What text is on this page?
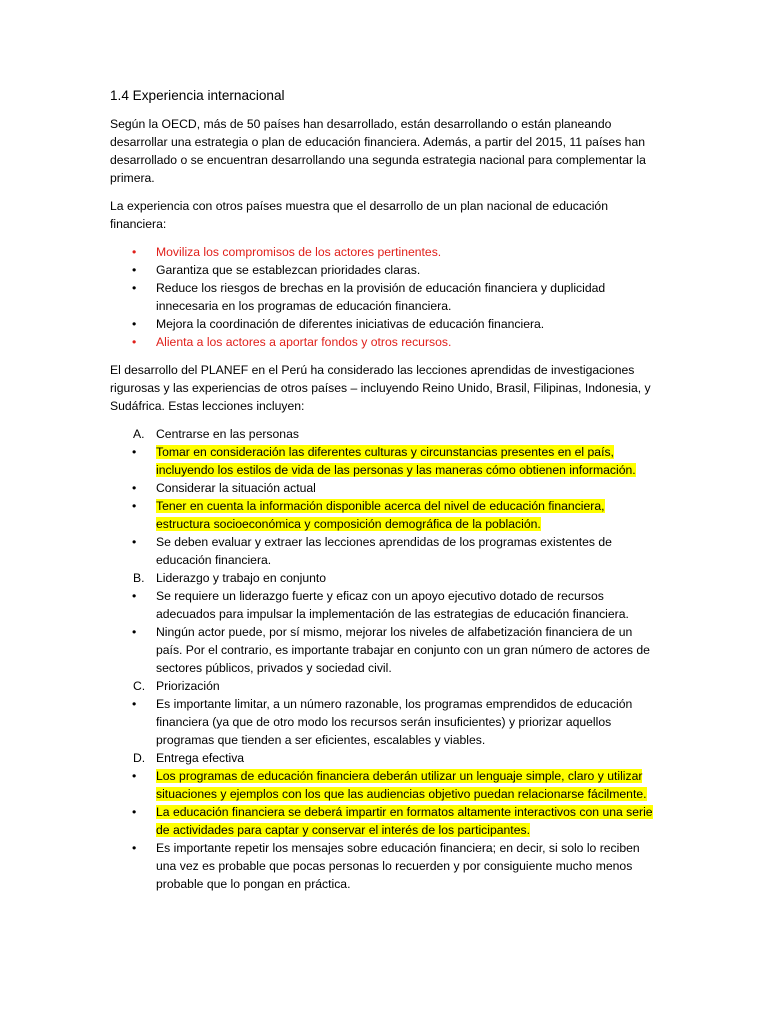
1.4 Experiencia internacional

Según la OECD, más de 50 países han desarrollado, están desarrollando o están planeando desarrollar una estrategia o plan de educación financiera. Además, a partir del 2015, 11 países han desarrollado o se encuentran desarrollando una segunda estrategia nacional para complementar la primera.

La experiencia con otros países muestra que el desarrollo de un plan nacional de educación financiera:

• Moviliza los compromisos de los actores pertinentes.
• Garantiza que se establezcan prioridades claras.
• Reduce los riesgos de brechas en la provisión de educación financiera y duplicidad innecesaria en los programas de educación financiera.
• Mejora la coordinación de diferentes iniciativas de educación financiera.
• Alienta a los actores a aportar fondos y otros recursos.

El desarrollo del PLANEF en el Perú ha considerado las lecciones aprendidas de investigaciones rigurosas y las experiencias de otros países – incluyendo Reino Unido, Brasil, Filipinas, Indonesia, y Sudáfrica. Estas lecciones incluyen:

A. Centrarse en las personas
• Tomar en consideración las diferentes culturas y circunstancias presentes en el país, incluyendo los estilos de vida de las personas y las maneras cómo obtienen información.
• Considerar la situación actual
• Tener en cuenta la información disponible acerca del nivel de educación financiera, estructura socioeconómica y composición demográfica de la población.
• Se deben evaluar y extraer las lecciones aprendidas de los programas existentes de educación financiera.
B. Liderazgo y trabajo en conjunto
• Se requiere un liderazgo fuerte y eficaz con un apoyo ejecutivo dotado de recursos adecuados para impulsar la implementación de las estrategias de educación financiera.
• Ningún actor puede, por sí mismo, mejorar los niveles de alfabetización financiera de un país. Por el contrario, es importante trabajar en conjunto con un gran número de actores de sectores públicos, privados y sociedad civil.
C. Priorización
• Es importante limitar, a un número razonable, los programas emprendidos de educación financiera (ya que de otro modo los recursos serán insuficientes) y priorizar aquellos programas que tienden a ser eficientes, escalables y viables.
D. Entrega efectiva
• Los programas de educación financiera deberán utilizar un lenguaje simple, claro y utilizar situaciones y ejemplos con los que las audiencias objetivo puedan relacionarse fácilmente.
• La educación financiera se deberá impartir en formatos altamente interactivos con una serie de actividades para captar y conservar el interés de los participantes.
• Es importante repetir los mensajes sobre educación financiera; en decir, si solo lo reciben una vez es probable que pocas personas lo recuerden y por consiguiente mucho menos probable que lo pongan en práctica.
